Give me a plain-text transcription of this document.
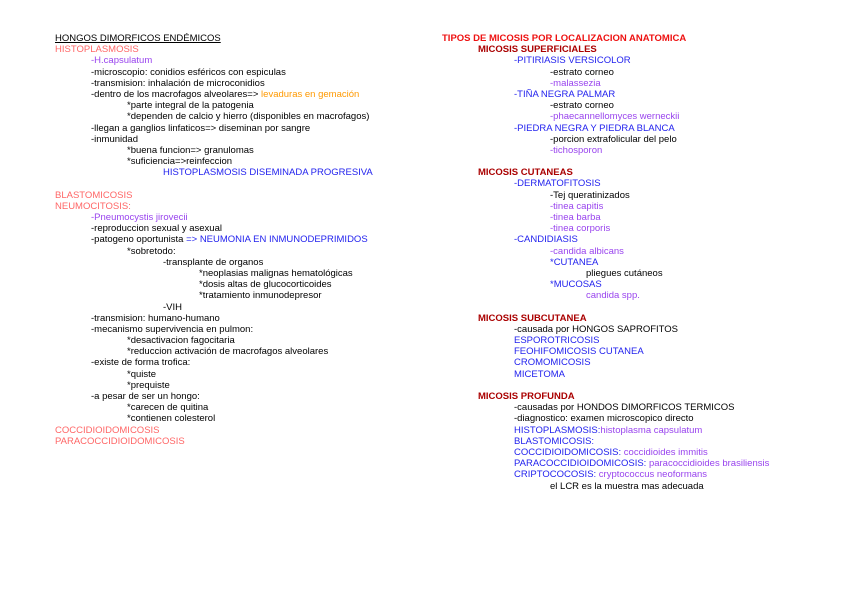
HONGOS DIMORFICOS ENDÉMICOS
HISTOPLASMOSIS
-H.capsulatum
-microscopio: conidios esféricos con espiculas
-transmision: inhalación de microconidios
-dentro de los macrofagos alveolares=> levaduras en gemación
*parte integral de la patogenia
*dependen de calcio y hierro (disponibles en macrofagos)
-llegan a ganglios linfaticos=> diseminan por sangre
-inmunidad
*buena funcion=> granulomas
*suficiencia=>reinfeccion
HISTOPLASMOSIS DISEMINADA PROGRESIVA
BLASTOMICOSIS
NEUMOCITOSIS:
-Pneumocystis jirovecii
-reproduccion sexual y asexual
-patogeno oportunista => NEUMONIA EN INMUNODEPRIMIDOS
*sobretodo:
-transplante de organos
*neoplasias malignas hematológicas
*dosis altas de glucocorticoides
*tratamiento inmunodepresor
-VIH
-transmision: humano-humano
-mecanismo supervivencia en pulmon:
*desactivacion fagocitaria
*reduccion activación de macrofagos alveolares
-existe de forma trofica:
*quiste
*prequiste
-a pesar de ser un hongo:
*carecen de quitina
*contienen colesterol
COCCIDIOIDOMICOSIS
PARACOCCIDIOIDOMICOSIS
TIPOS DE MICOSIS POR LOCALIZACION ANATOMICA
MICOSIS SUPERFICIALES
-PITIRIASIS VERSICOLOR
-estrato corneo
-malassezia
-TIÑA NEGRA PALMAR
-estrato corneo
-phaecannellomyces werneckii
-PIEDRA NEGRA Y PIEDRA BLANCA
-porcion extrafolicular del pelo
-tichosporon
MICOSIS CUTANEAS
-DERMATOFITOSIS
-Tej queratinizados
-tinea capitis
-tinea barba
-tinea corporis
-CANDIDIASIS
-candida albicans
*CUTANEA
pliegues cutáneos
*MUCOSAS
candida spp.
MICOSIS SUBCUTANEA
-causada por HONGOS SAPROFITOS
ESPOROTRICOSIS
FEOHIFOMICOSIS CUTANEA
CROMOMICOSIS
MICETOMA
MICOSIS PROFUNDA
-causadas por HONDOS DIMORFICOS TERMICOS
-diagnostico: examen microscopico directo
HISTOPLASMOSIS:histoplasma capsulatum
BLASTOMICOSIS:
COCCIDIOIDOMICOSIS: coccidioides immitis
PARACOCCIDIOIDOMICOSIS: paracoccidioides brasiliensis
CRIPTOCOCOSIS: cryptococcus neoformans
el LCR es la muestra mas adecuada
